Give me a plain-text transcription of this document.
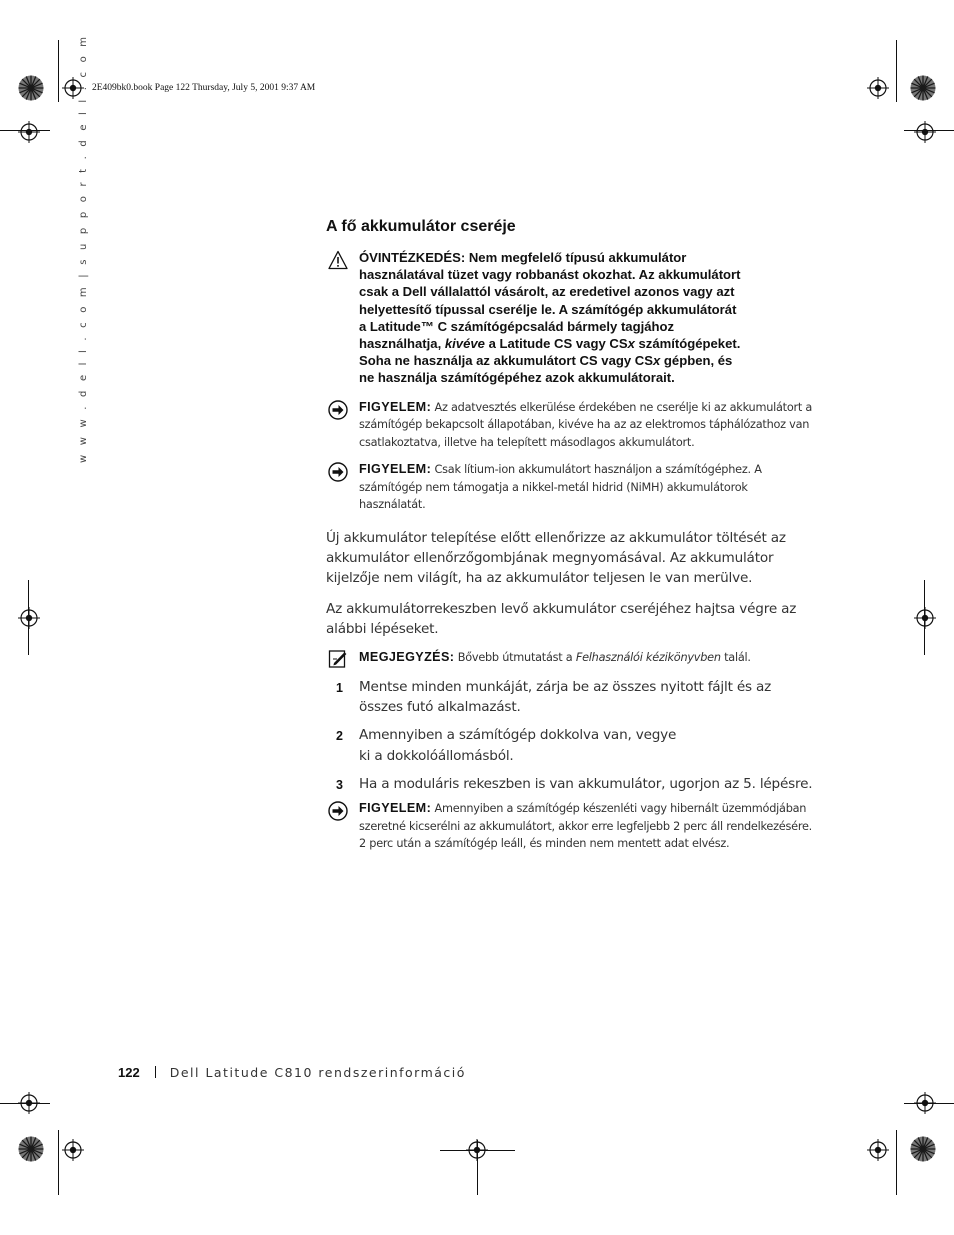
2E409bk0.book Page 122 Thursday, July 5, 2001 9:37 AM
w w w . d e l l . c o m | s u p p o r t . d e l l . c o m	A fő akkumulátor cseréje
ÓVINTÉZKEDÉS: Nem megfelelő típusú akkumulátor
használatával tüzet vagy robbanást okozhat. Az akkumulátort
csak a Dell vállalattól vásárolt, az eredetivel azonos vagy azt
helyettesítő típussal cserélje le. A számítógép akkumulátorát
a Latitude™ C számítógépcsalád bármely tagjához
használhatja, kivéve a Latitude CS vagy CSx számítógépeket.
Soha ne használja az akkumulátort CS vagy CSx gépben, és
ne használja számítógépéhez azok akkumulátorait.
FIGYELEM: Az adatvesztés elkerülése érdekében ne cserélje ki az akkumulátort a számítógép bekapcsolt állapotában, kivéve ha az az elektromos táphálózathoz van csatlakoztatva, illetve ha telepített másodlagos akkumulátort.
FIGYELEM: Csak lítium-ion akkumulátort használjon a számítógéphez. A számítógép nem támogatja a nikkel-metál hidrid (NiMH) akkumulátorok használatát.

Új akkumulátor telepítése előtt ellenőrizze az akkumulátor töltését az akkumulátor ellenőrzőgombjának megnyomásával. Az akkumulátor kijelzője nem világít, ha az akkumulátor teljesen le van merülve.

Az akkumulátorrekeszben levő akkumulátor cseréjéhez hajtsa végre az alábbi lépéseket.

MEGJEGYZÉS: Bővebb útmutatást a Felhasználói kézikönyvben talál.
1 Mentse minden munkáját, zárja be az összes nyitott fájlt és az összes futó alkalmazást.
2 Amennyiben a számítógép dokkolva van, vegye ki a dokkolóállomásból.
3 Ha a moduláris rekeszben is van akkumulátor, ugorjon az 5. lépésre.
FIGYELEM: Amennyiben a számítógép készenléti vagy hibernált üzemmódjában szeretné kicserélni az akkumulátort, akkor erre legfeljebb 2 perc áll rendelkezésére. 2 perc után a számítógép leáll, és minden nem mentett adat elvész.
122 Dell Latitude C810 rendszerinformáció
